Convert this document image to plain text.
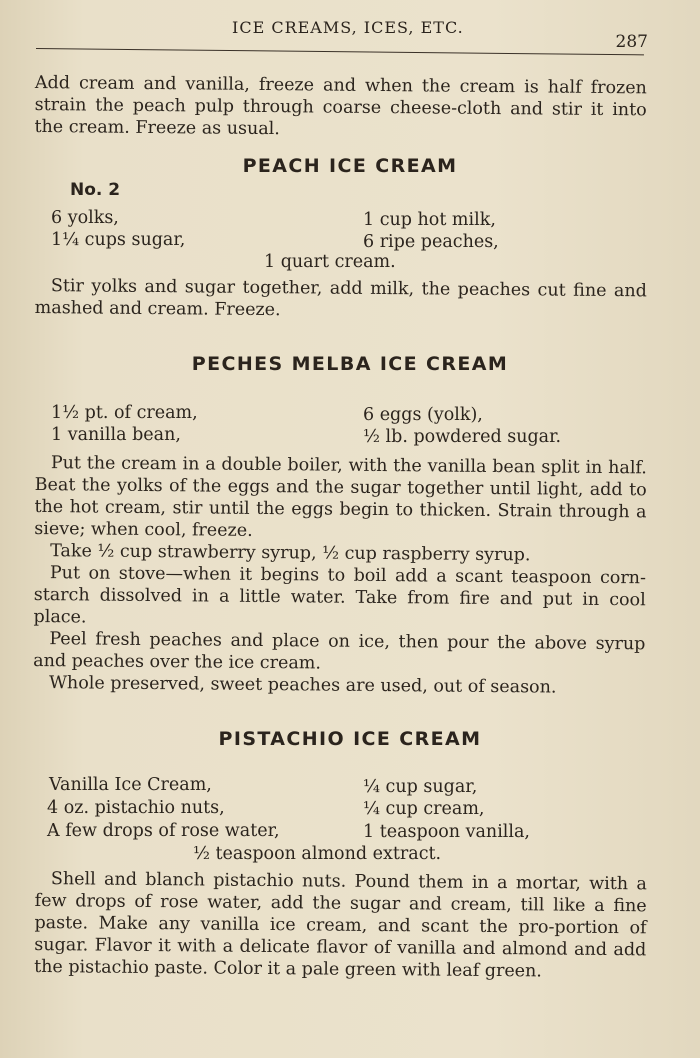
ICE CREAMS, ICES, ETC.
287
Add cream and vanilla, freeze and when the cream is half frozen strain the peach pulp through coarse cheese-cloth and stir it into the cream. Freeze as usual.
PEACH ICE CREAM
No. 2
6 yolks,	1 cup hot milk,
1¼ cups sugar,	6 ripe peaches,
1 quart cream.
Stir yolks and sugar together, add milk, the peaches cut fine and mashed and cream. Freeze.
PECHES MELBA ICE CREAM
1½ pt. of cream,	6 eggs (yolk),
1 vanilla bean,	½ lb. powdered sugar.

Put the cream in a double boiler, with the vanilla bean split in half. Beat the yolks of the eggs and the sugar together until light, add to the hot cream, stir until the eggs begin to thicken. Strain through a sieve; when cool, freeze.

Take ½ cup strawberry syrup, ½ cup raspberry syrup.

Put on stove—when it begins to boil add a scant teaspoon corn-starch dissolved in a little water. Take from fire and put in cool place.

Peel fresh peaches and place on ice, then pour the above syrup and peaches over the ice cream.

Whole preserved, sweet peaches are used, out of season.

PISTACHIO ICE CREAM
Vanilla Ice Cream,	¼ cup sugar,
4 oz. pistachio nuts,	¼ cup cream,
A few drops of rose water,	1 teaspoon vanilla,
½ teaspoon almond extract.
Shell and blanch pistachio nuts. Pound them in a mortar, with a few drops of rose water, add the sugar and cream, till like a fine paste. Make any vanilla ice cream, and scant the pro-portion of sugar. Flavor it with a delicate flavor of vanilla and almond and add the pistachio paste. Color it a pale green with leaf green.
